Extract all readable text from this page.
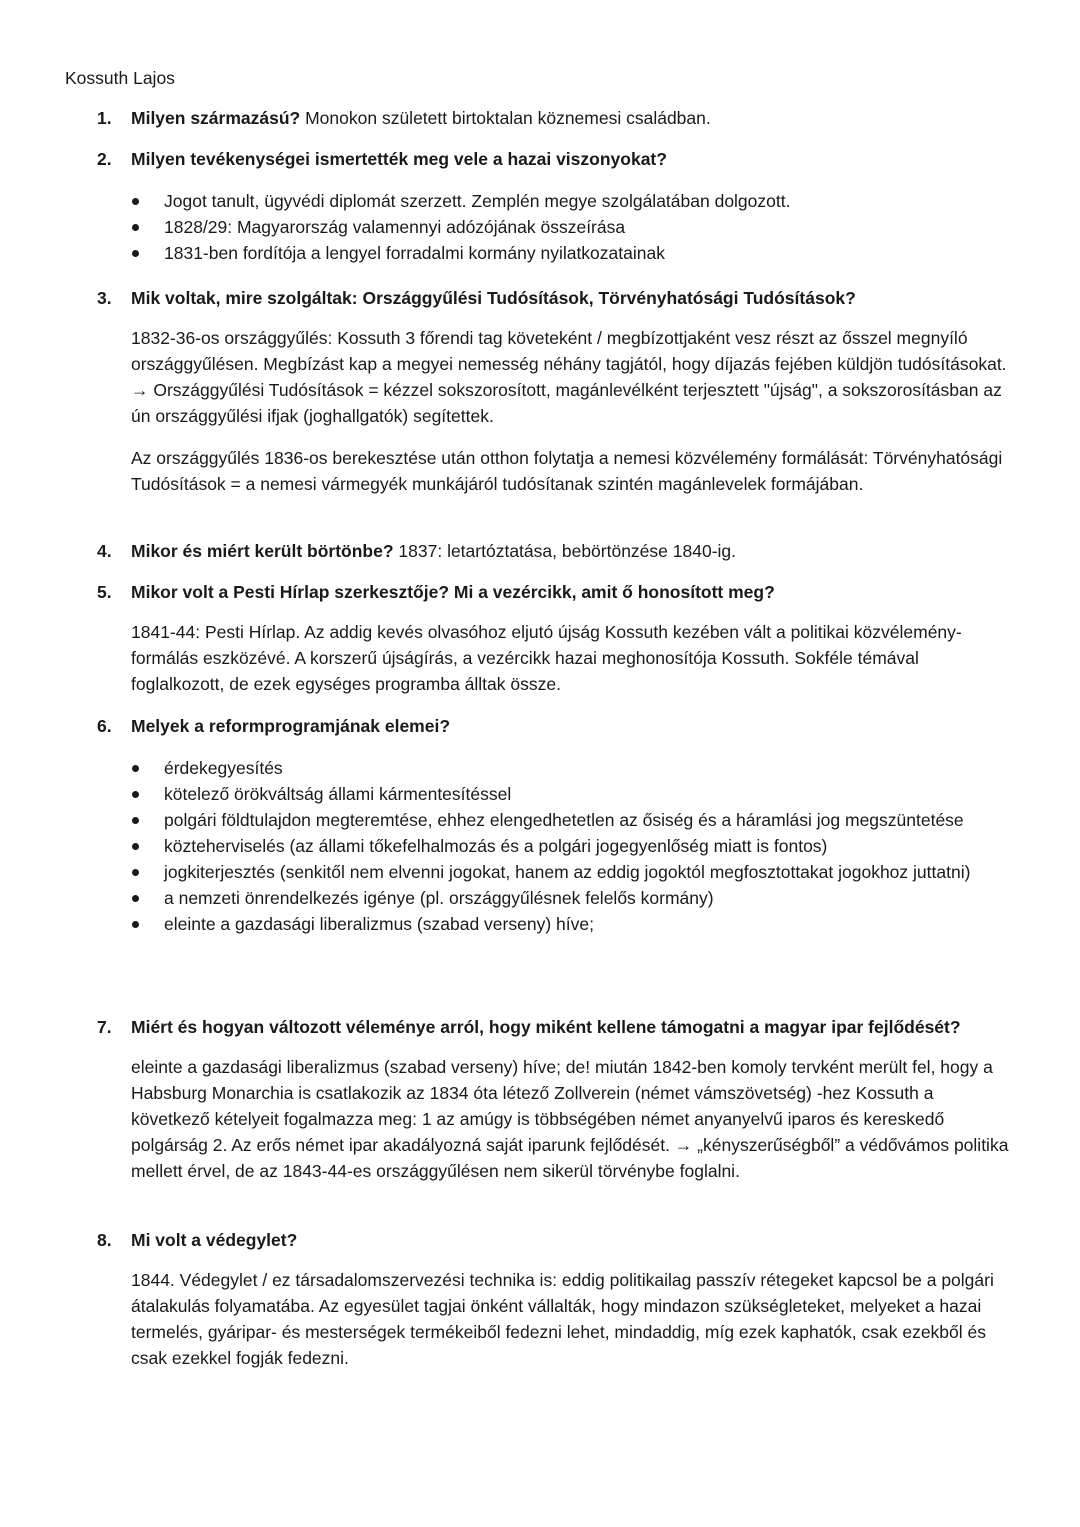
Kossuth Lajos
1. Milyen származású? Monokon született birtoktalan köznemesi családban.
2. Milyen tevékenységei ismertették meg vele a hazai viszonyokat?
Jogot tanult, ügyvédi diplomát szerzett. Zemplén megye szolgálatában dolgozott.
1828/29: Magyarország valamennyi adózójának összeírása
1831-ben fordítója a lengyel forradalmi kormány nyilatkozatainak
3. Mik voltak, mire szolgáltak: Országgyűlési Tudósítások, Törvényhatósági Tudósítások?
1832-36-os országgyűlés: Kossuth 3 főrendi tag követeként / megbízottjaként vesz részt az ősszel megnyíló országgyűlésen. Megbízást kap a megyei nemesség néhány tagjától, hogy díjazás fejében küldjön tudósításokat. → Országgyűlési Tudósítások = kézzel sokszorosított, magánlevélként terjesztett "újság", a sokszorosításban az ún országgyűlési ifjak (joghallgatók) segítettek.
Az országgyűlés 1836-os berekesztése után otthon folytatja a nemesi közvélemény formálását: Törvényhatósági Tudósítások = a nemesi vármegyék munkájáról tudósítanak szintén magánlevelek formájában.
4. Mikor és miért került börtönbe? 1837: letartóztatása, bebörtönzése 1840-ig.
5. Mikor volt a Pesti Hírlap szerkesztője? Mi a vezércikk, amit ő honosított meg?
1841-44: Pesti Hírlap. Az addig kevés olvasóhoz eljutó újság Kossuth kezében vált a politikai közvélemény-formálás eszközévé. A korszerű újságírás, a vezércikk hazai meghonosítója Kossuth. Sokféle témával foglalkozott, de ezek egységes programba álltak össze.
6. Melyek a reformprogramjának elemei?
érdekegyesítés
kötelező örökváltság állami kármentesítéssel
polgári földtulajdon megteremtése, ehhez elengedhetetlen az ősiség és a háramlási jog megszüntetése
közteherviselés (az állami tőkefelhalmozás és a polgári jogegyenlőség miatt is fontos)
jogkiterjesztés (senkitől nem elvenni jogokat, hanem az eddig jogoktól megfosztottakat jogokhoz juttatni)
a nemzeti önrendelkezés igénye (pl. országgyűlésnek felelős kormány)
eleinte a gazdasági liberalizmus (szabad verseny) híve;
7. Miért és hogyan változott véleménye arról, hogy miként kellene támogatni a magyar ipar fejlődését?
eleinte a gazdasági liberalizmus (szabad verseny) híve; de! miután 1842-ben komoly tervként merült fel, hogy a Habsburg Monarchia is csatlakozik az 1834 óta létező Zollverein (német vámszövetség) -hez Kossuth a következő kételyeit fogalmazza meg: 1 az amúgy is többségében német anyanyelvű iparos és kereskedő polgárság 2. Az erős német ipar akadályozná saját iparunk fejlődését. → „kényszerűségből” a védővámos politika mellett érvel, de az 1843-44-es országgyűlésen nem sikerül törvénybe foglalni.
8. Mi volt a védegylet?
1844. Védegylet / ez társadalomszervezési technika is: eddig politikailag passzív rétegeket kapcsol be a polgári átalakulás folyamatába. Az egyesület tagjai önként vállalták, hogy mindazon szükségleteket, melyeket a hazai termelés, gyáripar- és mesterségek termékeiből fedezni lehet, mindaddig, míg ezek kaphatók, csak ezekből és csak ezekkel fogják fedezni.
